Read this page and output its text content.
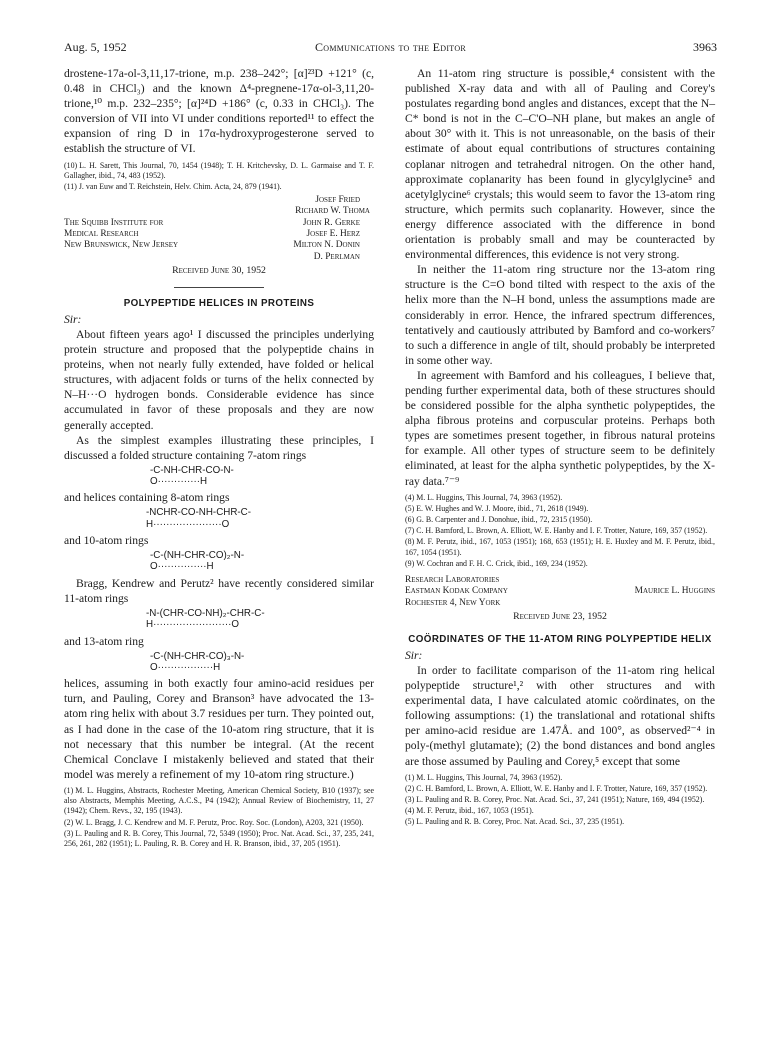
Aug. 5, 1952	Communications to the Editor	3963

drostene-17a-ol-3,11,17-trione, m.p. 238–242°; [α]²³D +121° (c, 0.48 in CHCl₃) and the known Δ⁴-pregnene-17α-ol-3,11,20-trione,¹⁰ m.p. 232–235°; [α]²⁴D +186° (c, 0.33 in CHCl₃). The conversion of VII into VI under conditions reported¹¹ to effect the expansion of ring D in 17α-hydroxyprogesterone served to establish the structure of VI.

(10) L. H. Sarett, This Journal, 70, 1454 (1948); T. H. Kritchevsky, D. L. Garmaise and T. F. Gallagher, ibid., 74, 483 (1952).
(11) J. van Euw and T. Reichstein, Helv. Chim. Acta, 24, 879 (1941).
Josef Fried
Richard W. Thoma
The Squibb Institute for	John R. Gerke
Medical Research	Josef E. Herz
New Brunswick, New Jersey	Milton N. Donin
D. Perlman
Received June 30, 1952
POLYPEPTIDE HELICES IN PROTEINS
Sir:

About fifteen years ago¹ I discussed the principles underlying protein structure and proposed that the polypeptide chains in proteins, when not nearly fully extended, have folded or helical structures, with adjacent folds or turns of the helix connected by N–H···O hydrogen bonds. Considerable evidence has since accumulated in favor of these proposals and they are now generally accepted.

As the simplest examples illustrating these principles, I discussed a folded structure containing 7-atom rings

-C-NH-CHR-CO-N-
O·············H

and helices containing 8-atom rings

-NCHR-CO-NH-CHR-C-
H·····················O

and 10-atom rings

-C-(NH-CHR-CO)₂-N-
O···············H

Bragg, Kendrew and Perutz² have recently considered similar 11-atom rings

-N-(CHR-CO-NH)₂-CHR-C-
H························O

and 13-atom ring

-C-(NH-CHR-CO)₃-N-
O·················H

helices, assuming in both exactly four amino-acid residues per turn, and Pauling, Corey and Branson³ have advocated the 13-atom ring helix with about 3.7 residues per turn. They pointed out, as I had done in the case of the 10-atom ring structure, that it is not necessary that this number be integral. (At the recent Chemical Conclave I mistakenly believed and stated that their model was merely a refinement of my 10-atom ring structure.)

(1) M. L. Huggins, Abstracts, Rochester Meeting, American Chemical Society, B10 (1937); see also Abstracts, Memphis Meeting, A.C.S., P4 (1942); Annual Review of Biochemistry, 11, 27 (1942); Chem. Revs., 32, 195 (1943).
(2) W. L. Bragg, J. C. Kendrew and M. F. Perutz, Proc. Roy. Soc. (London), A203, 321 (1950).
(3) L. Pauling and R. B. Corey, This Journal, 72, 5349 (1950); Proc. Nat. Acad. Sci., 37, 235, 241, 256, 261, 282 (1951); L. Pauling, R. B. Corey and H. R. Branson, ibid., 37, 205 (1951).

An 11-atom ring structure is possible,⁴ consistent with the published X-ray data and with all of Pauling and Corey's postulates regarding bond angles and distances, except that the N–C* bond is not in the C–C'O–NH plane, but makes an angle of about 30° with it. This is not unreasonable, on the basis of their estimate of about equal contributions of structures containing coplanar nitrogen and tetrahedral nitrogen. On the other hand, approximate coplanarity has been found in glycylglycine⁵ and acetylglycine⁶ crystals; this would seem to favor the 13-atom ring structure, which permits such coplanarity. However, since the energy difference associated with the difference in bond orientation is probably small and may be counteracted by environmental differences, this evidence is not very strong.

In neither the 11-atom ring structure nor the 13-atom ring structure is the C=O bond tilted with respect to the axis of the helix more than the N–H bond, unless the assumptions made are considerably in error. Hence, the infrared spectrum differences, tentatively and cautiously attributed by Bamford and co-workers⁷ to such a difference in angle of tilt, should probably be interpreted in some other way.

In agreement with Bamford and his colleagues, I believe that, pending further experimental data, both of these structures should be considered possible for the alpha synthetic polypeptides, the alpha fibrous proteins and corpuscular proteins. Perhaps both types are sometimes present together, in fibrous natural proteins for example. All other types of structure seem to be definitely eliminated, at least for the alpha synthetic polypeptides, by the X-ray data.⁷⁻⁹

(4) M. L. Huggins, This Journal, 74, 3963 (1952).
(5) E. W. Hughes and W. J. Moore, ibid., 71, 2618 (1949).
(6) G. B. Carpenter and J. Donohue, ibid., 72, 2315 (1950).
(7) C. H. Bamford, L. Brown, A. Elliott, W. E. Hanby and I. F. Trotter, Nature, 169, 357 (1952).
(8) M. F. Perutz, ibid., 167, 1053 (1951); 168, 653 (1951); H. E. Huxley and M. F. Perutz, ibid., 167, 1054 (1951).
(9) W. Cochran and F. H. C. Crick, ibid., 169, 234 (1952).
Research Laboratories
Eastman Kodak Company	Maurice L. Huggins
Rochester 4, New York
Received June 23, 1952
COÖRDINATES OF THE 11-ATOM RING POLYPEPTIDE HELIX
Sir:

In order to facilitate comparison of the 11-atom ring helical polypeptide structure¹,² with other structures and with experimental data, I have calculated atomic coördinates, on the following assumptions: (1) the translational and rotational shifts per amino-acid residue are 1.47Å. and 100°, as observed²⁻⁴ in poly-(methyl glutamate); (2) the bond distances and bond angles are those assumed by Pauling and Corey,⁵ except that some

(1) M. L. Huggins, This Journal, 74, 3963 (1952).
(2) C. H. Bamford, L. Brown, A. Elliott, W. E. Hanby and I. F. Trotter, Nature, 169, 357 (1952).
(3) L. Pauling and R. B. Corey, Proc. Nat. Acad. Sci., 37, 241 (1951); Nature, 169, 494 (1952).
(4) M. F. Perutz, ibid., 167, 1053 (1951).
(5) L. Pauling and R. B. Corey, Proc. Nat. Acad. Sci., 37, 235 (1951).
